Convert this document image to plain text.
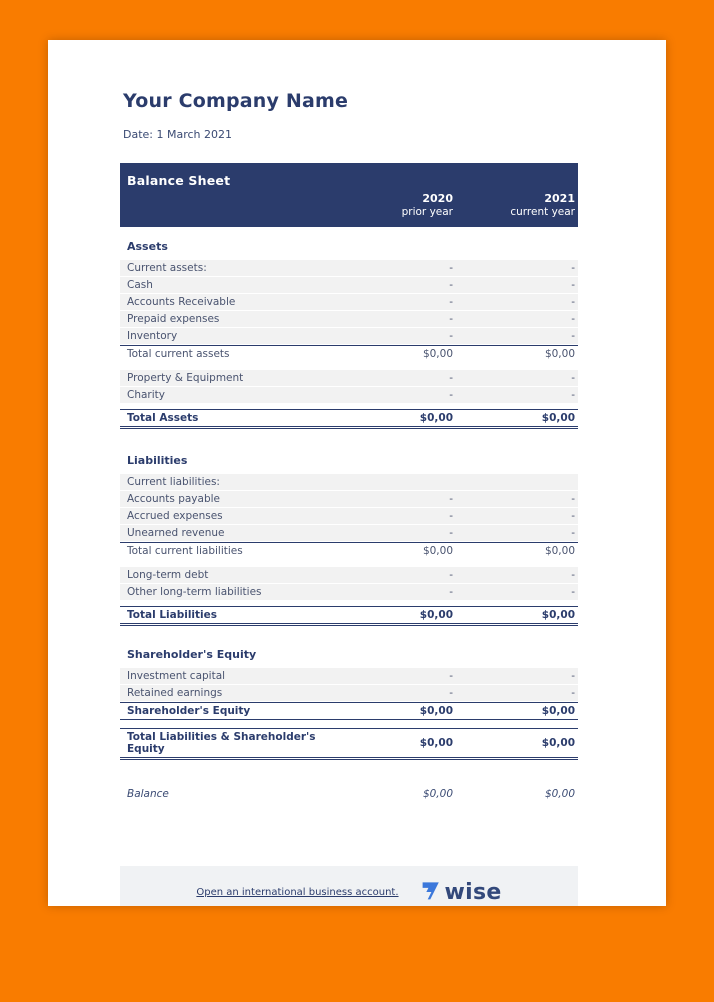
Your Company Name
Date: 1 March 2021
Balance Sheet
2020
prior year
2021
current year
Assets
Current assets:	-	-
Cash	-	-
Accounts Receivable	-	-
Prepaid expenses	-	-
Inventory	-	-
Total current assets	$0,00	$0,00
Property & Equipment	-	-
Charity	-	-
Total Assets	$0,00	$0,00
Liabilities
Current liabilities:
Accounts payable	-	-
Accrued expenses	-	-
Unearned revenue	-	-
Total current liabilities	$0,00	$0,00
Long-term debt	-	-
Other long-term liabilities	-	-
Total Liabilities	$0,00	$0,00
Shareholder's Equity
Investment capital	-	-
Retained earnings	-	-
Shareholder's Equity	$0,00	$0,00
Total Liabilities & Shareholder's Equity	$0,00	$0,00
Balance	$0,00	$0,00
Open an international business account. wise
